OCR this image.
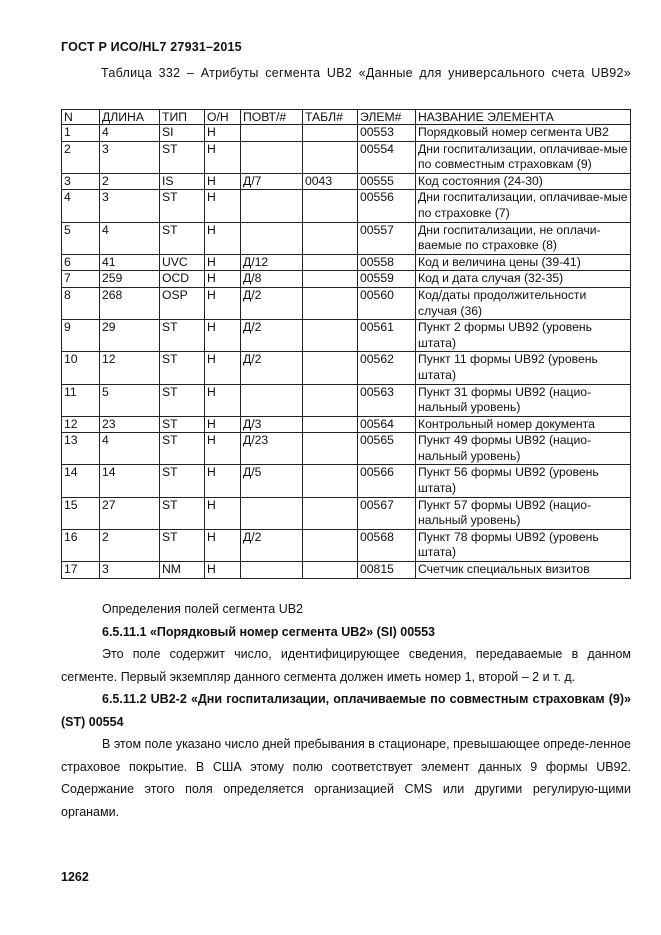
ГОСТ Р ИСО/HL7 27931–2015
Таблица 332 – Атрибуты сегмента UB2 «Данные для универсального счета UB92»
N	ДЛИНА	ТИП	О/Н	ПОВТ/#	ТАБЛ#	ЭЛЕМ#	НАЗВАНИЕ ЭЛЕМЕНТА
1	4	SI	Н			00553	Порядковый номер сегмента UB2
2	3	ST	Н			00554	Дни госпитализации, оплачивае-мые по совместным страховкам (9)
3	2	IS	Н	Д/7	0043	00555	Код состояния (24-30)
4	3	ST	Н			00556	Дни госпитализации, оплачивае-мые по страховке (7)
5	4	ST	Н			00557	Дни госпитализации, не оплачи-ваемые по страховке (8)
6	41	UVC	Н	Д/12		00558	Код и величина цены (39-41)
7	259	OCD	Н	Д/8		00559	Код и дата случая (32-35)
8	268	OSP	Н	Д/2		00560	Код/даты продолжительности случая (36)
9	29	ST	Н	Д/2		00561	Пункт 2 формы UB92 (уровень штата)
10	12	ST	Н	Д/2		00562	Пункт 11 формы UB92 (уровень штата)
11	5	ST	Н			00563	Пункт 31 формы UB92 (нацио-нальный уровень)
12	23	ST	Н	Д/3		00564	Контрольный номер документа
13	4	ST	Н	Д/23		00565	Пункт 49 формы UB92 (нацио-нальный уровень)
14	14	ST	Н	Д/5		00566	Пункт 56 формы UB92 (уровень штата)
15	27	ST	Н			00567	Пункт 57 формы UB92 (нацио-нальный уровень)
16	2	ST	Н	Д/2		00568	Пункт 78 формы UB92 (уровень штата)
17	3	NM	Н			00815	Счетчик специальных визитов

Определения полей сегмента UB2

6.5.11.1 «Порядковый номер сегмента UB2» (SI) 00553

Это поле содержит число, идентифицирующее сведения, передаваемые в данном сегменте. Первый экземпляр данного сегмента должен иметь номер 1, второй – 2 и т. д.

6.5.11.2 UB2-2 «Дни госпитализации, оплачиваемые по совместным страховкам (9)» (ST) 00554

В этом поле указано число дней пребывания в стационаре, превышающее опреде-ленное страховое покрытие. В США этому полю соответствует элемент данных 9 формы UB92. Содержание этого поля определяется организацией CMS или другими регулирую-щими органами.

1262
